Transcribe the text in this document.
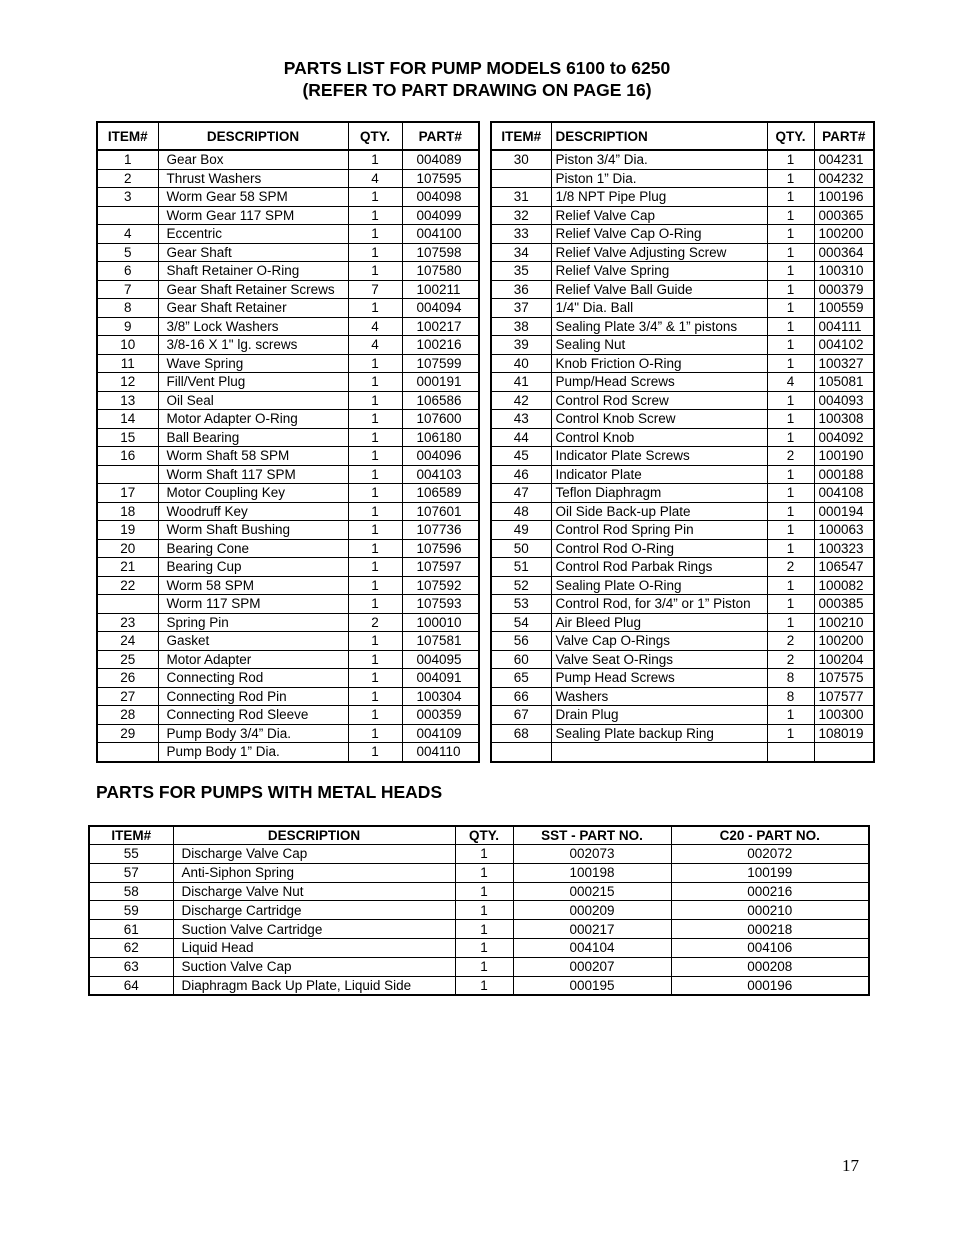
PARTS LIST FOR PUMP MODELS 6100 to 6250
(REFER TO PART DRAWING ON PAGE 16)
ITEM#	DESCRIPTION	QTY.	PART#
1	Gear Box	1	004089
2	Thrust Washers	4	107595
3	Worm Gear 58 SPM	1	004098
	Worm Gear 117 SPM	1	004099
4	Eccentric	1	004100
5	Gear Shaft	1	107598
6	Shaft Retainer O-Ring	1	107580
7	Gear Shaft Retainer Screws	7	100211
8	Gear Shaft Retainer	1	004094
9	3/8” Lock Washers	4	100217
10	3/8-16 X 1" lg. screws	4	100216
11	Wave Spring	1	107599
12	Fill/Vent Plug	1	000191
13	Oil Seal	1	106586
14	Motor Adapter O-Ring	1	107600
15	Ball Bearing	1	106180
16	Worm Shaft 58 SPM	1	004096
	Worm Shaft 117 SPM	1	004103
17	Motor Coupling Key	1	106589
18	Woodruff Key	1	107601
19	Worm Shaft Bushing	1	107736
20	Bearing Cone	1	107596
21	Bearing Cup	1	107597
22	Worm 58 SPM	1	107592
	Worm 117 SPM	1	107593
23	Spring Pin	2	100010
24	Gasket	1	107581
25	Motor Adapter	1	004095
26	Connecting Rod	1	004091
27	Connecting Rod Pin	1	100304
28	Connecting Rod Sleeve	1	000359
29	Pump Body 3/4” Dia.	1	004109
	Pump Body 1” Dia.	1	004110
ITEM#	DESCRIPTION	QTY.	PART#
30	Piston 3/4” Dia.	1	004231
	Piston 1” Dia.	1	004232
31	1/8 NPT Pipe Plug	1	100196
32	Relief Valve Cap	1	000365
33	Relief Valve Cap O-Ring	1	100200
34	Relief Valve Adjusting Screw	1	000364
35	Relief Valve Spring	1	100310
36	Relief Valve Ball Guide	1	000379
37	1/4" Dia. Ball	1	100559
38	Sealing Plate 3/4” & 1” pistons	1	004111
39	Sealing Nut	1	004102
40	Knob Friction O-Ring	1	100327
41	Pump/Head Screws	4	105081
42	Control Rod Screw	1	004093
43	Control Knob Screw	1	100308
44	Control Knob	1	004092
45	Indicator Plate Screws	2	100190
46	Indicator Plate	1	000188
47	Teflon Diaphragm	1	004108
48	Oil Side Back-up Plate	1	000194
49	Control Rod Spring Pin	1	100063
50	Control Rod O-Ring	1	100323
51	Control Rod Parbak Rings	2	106547
52	Sealing Plate O-Ring	1	100082
53	Control Rod, for 3/4” or 1” Piston	1	000385
54	Air Bleed Plug	1	100210
56	Valve Cap O-Rings	2	100200
60	Valve Seat O-Rings	2	100204
65	Pump Head Screws	8	107575
66	Washers	8	107577
67	Drain Plug	1	100300
68	Sealing Plate backup Ring	1	108019

PARTS FOR PUMPS WITH METAL HEADS
ITEM#	DESCRIPTION	QTY.	SST - PART NO.	C20 - PART NO.
55	Discharge Valve Cap	1	002073	002072
57	Anti-Siphon Spring	1	100198	100199
58	Discharge Valve Nut	1	000215	000216
59	Discharge Cartridge	1	000209	000210
61	Suction Valve Cartridge	1	000217	000218
62	Liquid Head	1	004104	004106
63	Suction Valve Cap	1	000207	000208
64	Diaphragm Back Up Plate, Liquid Side	1	000195	000196
17
